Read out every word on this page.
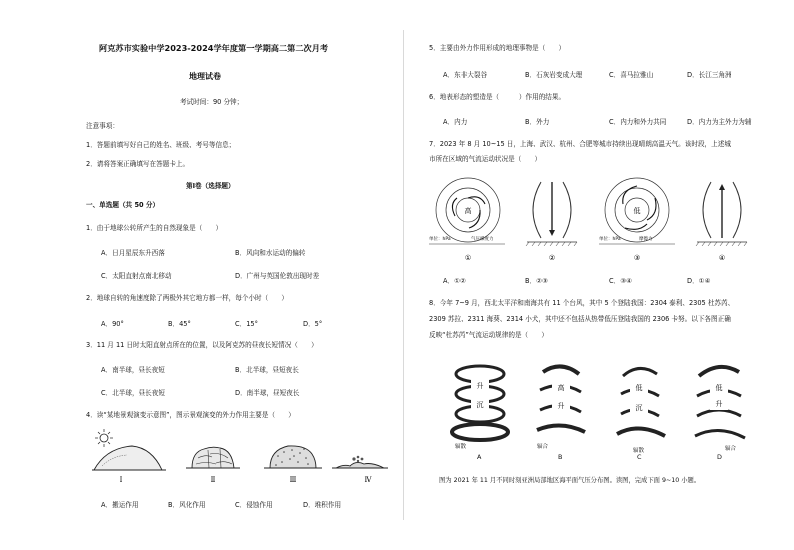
阿克苏市实验中学2023-2024学年度第一学期高二第二次月考
地理试卷
考试时间：90 分钟；
注意事项：
1．答题前填写好自己的姓名、班级、考号等信息；
2．请将答案正确填写在答题卡上。
第Ⅰ卷（选择题）
一、单选题（共 50 分）
1．由于地球公转所产生的自然现象是（　　）
A．日月星辰东升西落	B．风向和水运动的偏转
C．太阳直射点南北移动	D．广州与英国伦敦出现时差
2．地球自转的角速度除了两极外其它地方都一样，每个小时（　　）
A．90°	B．45°	C．15°	D．5°
3．11 月 11 日时太阳直射点所在的位置，以及阿克苏的昼夜长短情况（　　）
A．南半球，昼长夜短	B．北半球，昼短夜长
C．北半球，昼长夜短	D．南半球，昼短夜长
4．读“某地景观演变示意图”，图示景观演变的外力作用主要是（　　）
Ⅰ	Ⅱ	Ⅲ	Ⅳ
A．搬运作用	B．风化作用	C．侵蚀作用	D．堆积作用
5．主要由外力作用形成的地理事物是（　　）
A．东非大裂谷	B．石灰岩变成大理	C．喜马拉雅山	D．长江三角洲
6．地表形态的塑造是（　　　）作用的结果。
A．内力	B．外力	C．内力和外力共同	D．内力为主外力为辅
7．2023 年 8 月 10~15 日，上海、武汉、杭州、合肥等城市持续出现晴朗高温天气。该时段，上述城
市所在区域的气流运动状况是（　　）
高
单位：hPa	气压梯度力
低
单位：hPa	摩擦力
①	②	③	④
A．①②	B．②③	C．③④	D．①④
8．今年 7~9 月，西北太平洋和南海共有 11 个台风，其中 5 个登陆我国：2304 泰利、2305 杜苏芮、
2309 苏拉、2311 海葵、2314 小犬，其中还不包括从热带低压登陆我国的 2306 卡努。以下各图正确
反映“杜苏芮”气流运动规律的是（　　）
升
沉
辐散
高
升
辐合
低
沉
辐散
低
升
辐合
A	B	C	D
图为 2021 年 11 月不同时刻亚洲局部地区海平面气压分布图。读图，完成下面 9~10 小题。
